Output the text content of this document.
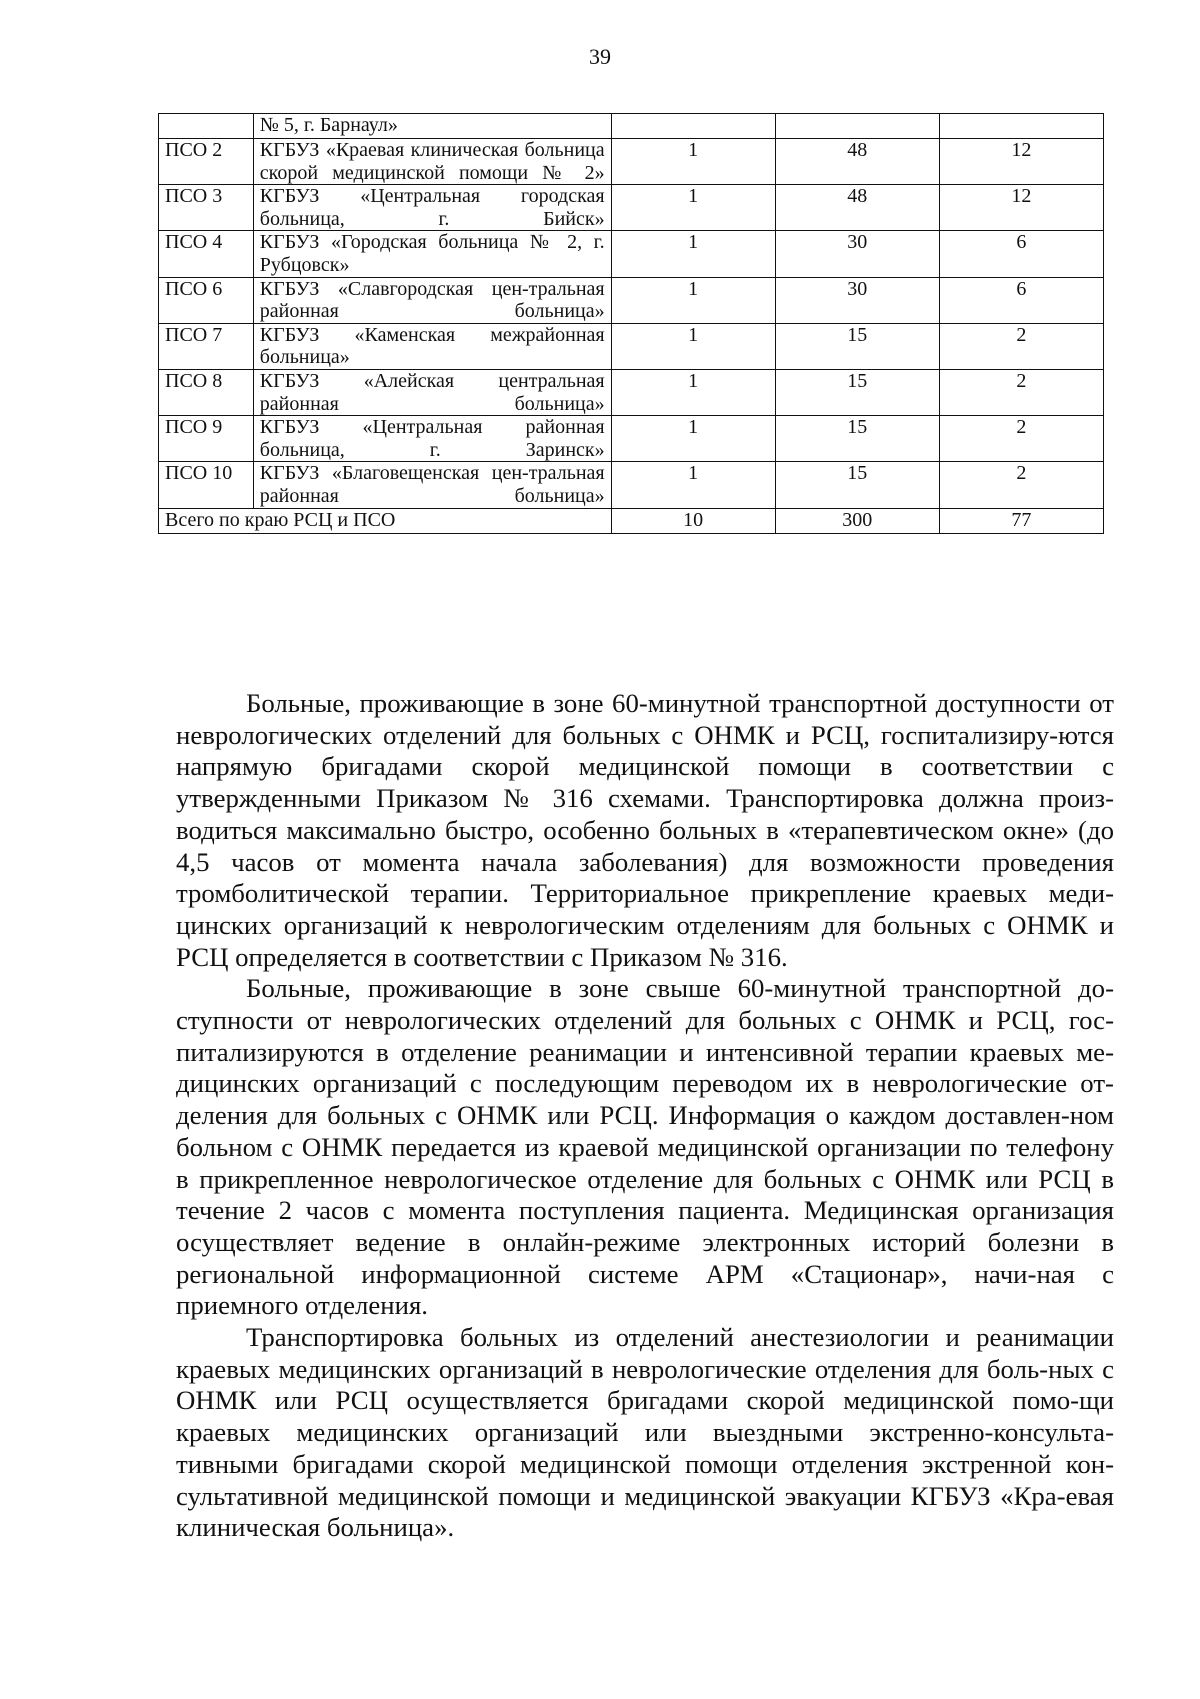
39
	№ 5, г. Барнаул»			
ПСО 2	КГБУЗ «Краевая клиническая больница скорой медицинской помощи № 2»	1	48	12
ПСО 3	КГБУЗ «Центральная городская больница, г. Бийск»	1	48	12
ПСО 4	КГБУЗ «Городская больница № 2, г. Рубцовск»	1	30	6
ПСО 6	КГБУЗ «Славгородская цен-тральная районная больница»	1	30	6
ПСО 7	КГБУЗ «Каменская межрайонная больница»	1	15	2
ПСО 8	КГБУЗ «Алейская центральная районная больница»	1	15	2
ПСО 9	КГБУЗ «Центральная районная больница, г. Заринск»	1	15	2
ПСО 10	КГБУЗ «Благовещенская цен-тральная районная больница»	1	15	2
Всего по краю РСЦ и ПСО		10	300	77

Больные, проживающие в зоне 60-минутной транспортной доступности от неврологических отделений для больных с ОНМК и РСЦ, госпитализиру-ются напрямую бригадами скорой медицинской помощи в соответствии с утвержденными Приказом № 316 схемами. Транспортировка должна произ-водиться максимально быстро, особенно больных в «терапевтическом окне» (до 4,5 часов от момента начала заболевания) для возможности проведения тромболитической терапии. Территориальное прикрепление краевых меди-цинских организаций к неврологическим отделениям для больных с ОНМК и РСЦ определяется в соответствии с Приказом № 316.

Больные, проживающие в зоне свыше 60-минутной транспортной до-ступности от неврологических отделений для больных с ОНМК и РСЦ, гос-питализируются в отделение реанимации и интенсивной терапии краевых ме-дицинских организаций с последующим переводом их в неврологические от-деления для больных с ОНМК или РСЦ. Информация о каждом доставлен-ном больном с ОНМК передается из краевой медицинской организации по телефону в прикрепленное неврологическое отделение для больных с ОНМК или РСЦ в течение 2 часов с момента поступления пациента. Медицинская организация осуществляет ведение в онлайн-режиме электронных историй болезни в региональной информационной системе АРМ «Стационар», начи-ная с приемного отделения.

Транспортировка больных из отделений анестезиологии и реанимации краевых медицинских организаций в неврологические отделения для боль-ных с ОНМК или РСЦ осуществляется бригадами скорой медицинской помо-щи краевых медицинских организаций или выездными экстренно-консульта-тивными бригадами скорой медицинской помощи отделения экстренной кон-сультативной медицинской помощи и медицинской эвакуации КГБУЗ «Кра-евая клиническая больница».
